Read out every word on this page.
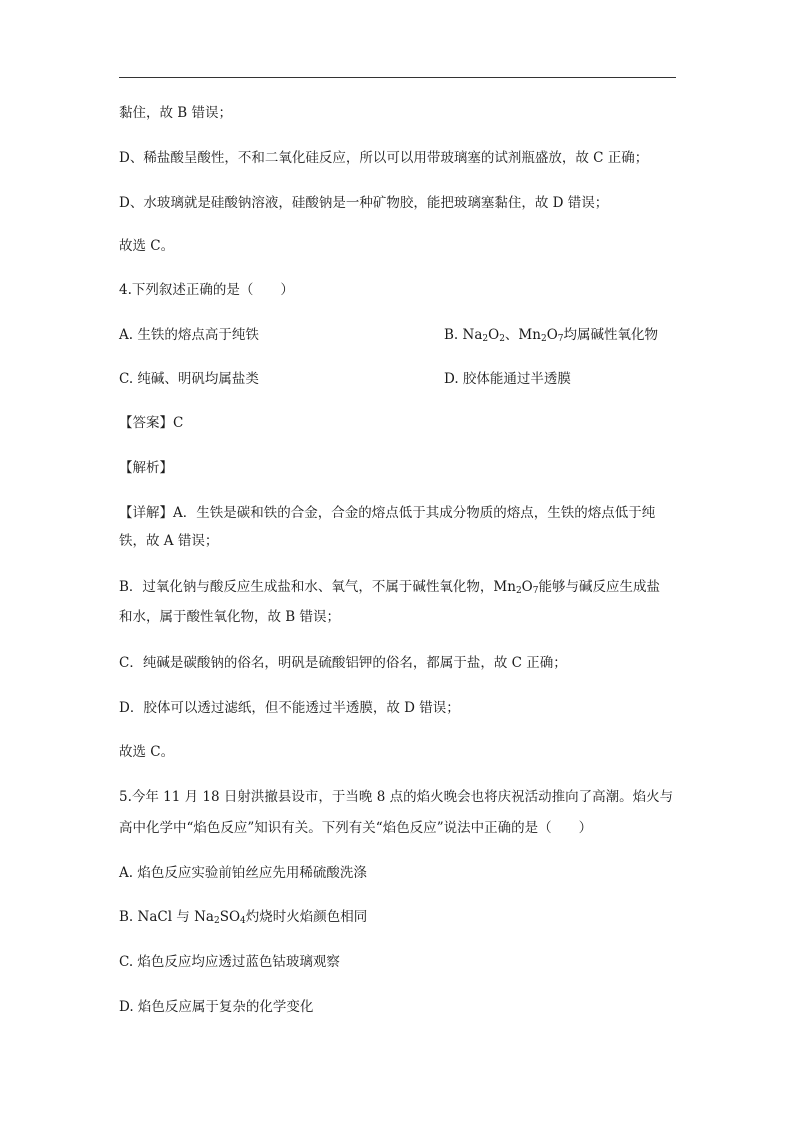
黏住，故 B 错误；
D、稀盐酸呈酸性，不和二氧化硅反应，所以可以用带玻璃塞的试剂瓶盛放，故 C 正确；
D、水玻璃就是硅酸钠溶液，硅酸钠是一种矿物胶，能把玻璃塞黏住，故 D 错误；
故选 C。
4.下列叙述正确的是（　　）
A. 生铁的熔点高于纯铁	B. $Na_2O_2$、$Mn_2O_7$均属碱性氧化物
C. 纯碱、明矾均属盐类	D. 胶体能通过半透膜
【答案】C
【解析】
【详解】A．生铁是碳和铁的合金，合金的熔点低于其成分物质的熔点，生铁的熔点低于纯
铁，故 A 错误；
B．过氧化钠与酸反应生成盐和水、氧气，不属于碱性氧化物，$Mn_2O_7$能够与碱反应生成盐
和水，属于酸性氧化物，故 B 错误；
C．纯碱是碳酸钠的俗名，明矾是硫酸铝钾的俗名，都属于盐，故 C 正确；
D．胶体可以透过滤纸，但不能透过半透膜，故 D 错误；
故选 C。
5.今年 11 月 18 日射洪撤县设市，于当晚 8 点的焰火晚会也将庆祝活动推向了高潮。焰火与
高中化学中“焰色反应”知识有关。下列有关“焰色反应”说法中正确的是（　　）
A. 焰色反应实验前铂丝应先用稀硫酸洗涤
B. NaCl 与 $Na_2SO_4$灼烧时火焰颜色相同
C. 焰色反应均应透过蓝色钴玻璃观察
D. 焰色反应属于复杂的化学变化
